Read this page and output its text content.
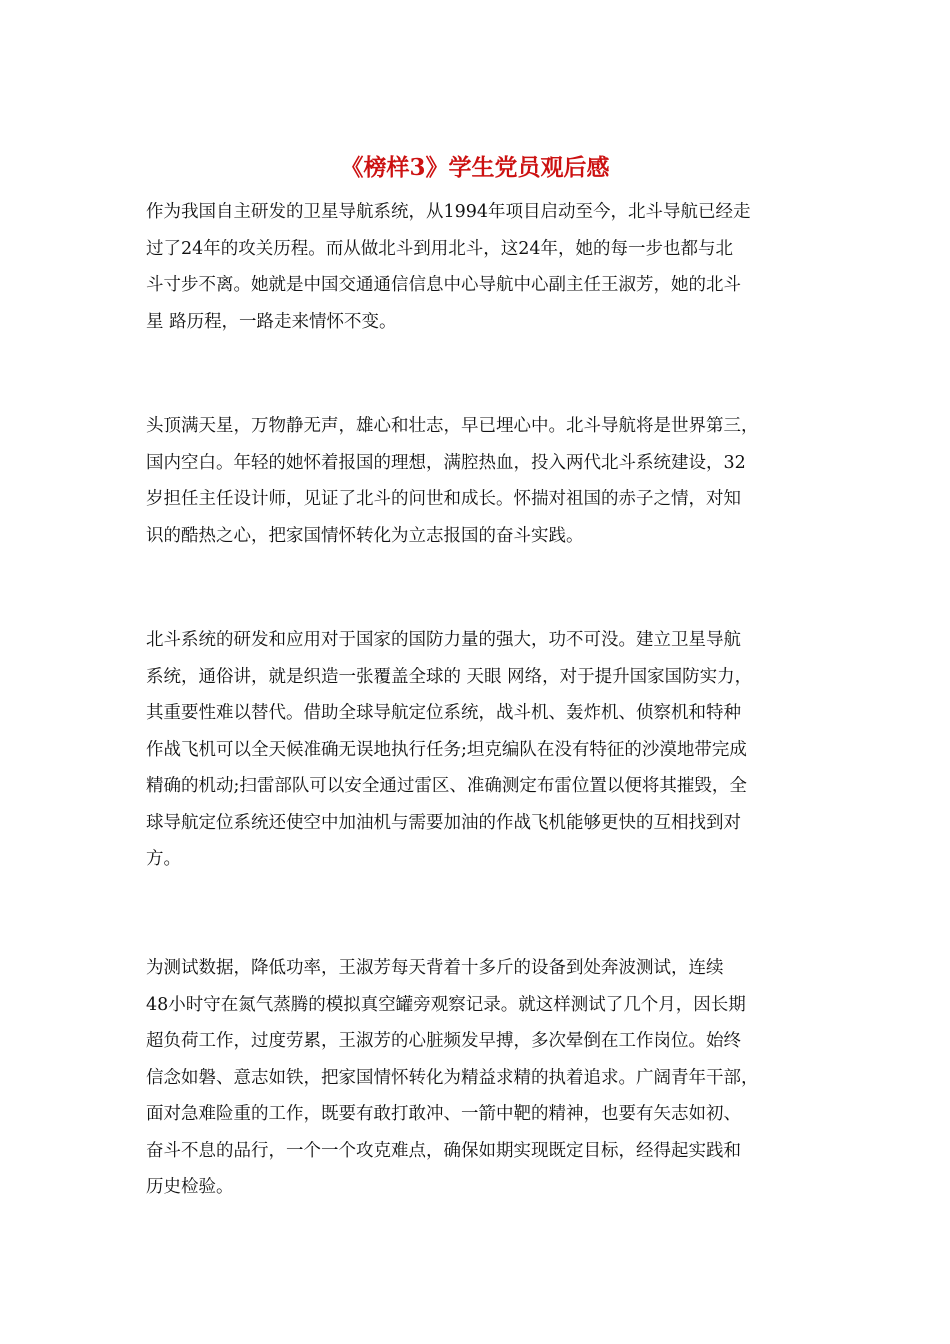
《榜样3》学生党员观后感
作为我国自主研发的卫星导航系统，从1994年项目启动至今，北斗导航已经走
过了24年的攻关历程。而从做北斗到用北斗，这24年，她的每一步也都与北
斗寸步不离。她就是中国交通通信信息中心导航中心副主任王淑芳，她的北斗
星 路历程，一路走来情怀不变。
头顶满天星，万物静无声，雄心和壮志，早已埋心中。北斗导航将是世界第三，
国内空白。年轻的她怀着报国的理想，满腔热血，投入两代北斗系统建设，32
岁担任主任设计师，见证了北斗的问世和成长。怀揣对祖国的赤子之情，对知
识的酷热之心，把家国情怀转化为立志报国的奋斗实践。
北斗系统的研发和应用对于国家的国防力量的强大，功不可没。建立卫星导航
系统，通俗讲，就是织造一张覆盖全球的 天眼 网络，对于提升国家国防实力，
其重要性难以替代。借助全球导航定位系统，战斗机、轰炸机、侦察机和特种
作战飞机可以全天候准确无误地执行任务;坦克编队在没有特征的沙漠地带完成
精确的机动;扫雷部队可以安全通过雷区、准确测定布雷位置以便将其摧毁，全
球导航定位系统还使空中加油机与需要加油的作战飞机能够更快的互相找到对
方。
为测试数据，降低功率，王淑芳每天背着十多斤的设备到处奔波测试，连续
48小时守在氮气蒸腾的模拟真空罐旁观察记录。就这样测试了几个月，因长期
超负荷工作，过度劳累，王淑芳的心脏频发早搏，多次晕倒在工作岗位。始终
信念如磐、意志如铁，把家国情怀转化为精益求精的执着追求。广阔青年干部，
面对急难险重的工作，既要有敢打敢冲、一箭中靶的精神，也要有矢志如初、
奋斗不息的品行，一个一个攻克难点，确保如期实现既定目标，经得起实践和
历史检验。
